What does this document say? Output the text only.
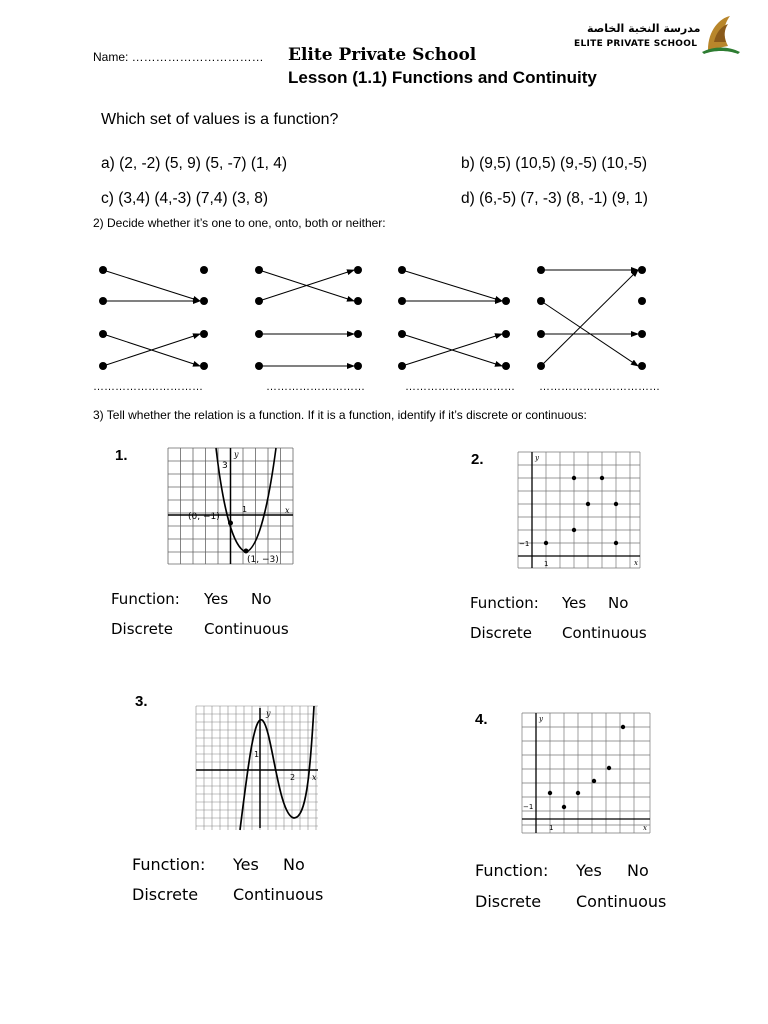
Name: …………………………… Elite Private School
Lesson (1.1) Functions and Continuity
مدرسة النخبة الخاصة
ELITE PRIVATE SCHOOL
Which set of values is a function?
a) (2, -2) (5, 9) (5, -7) (1, 4)	b) (9,5) (10,5) (9,-5) (10,-5)
c) (3,4) (4,-3) (7,4) (3, 8)	d) (6,-5) (7, -3) (8, -1) (9, 1)
2) Decide whether it’s one to one, onto, both or neither:
…………………………	………………………	………………………… ……………………………
3) Tell whether the relation is a function. If it is a function, identify if it’s discrete or continuous:
1.
3
y
x
1
(0, −1)
(1, −3)
Function: Yes No
Discrete Continuous
2.	y
x
−1
1
Function: Yes No
Discrete Continuous
3.
y
x
1
2
Function: Yes No
Discrete Continuous
4.	y
x
−1
1
Function: Yes No
Discrete Continuous
